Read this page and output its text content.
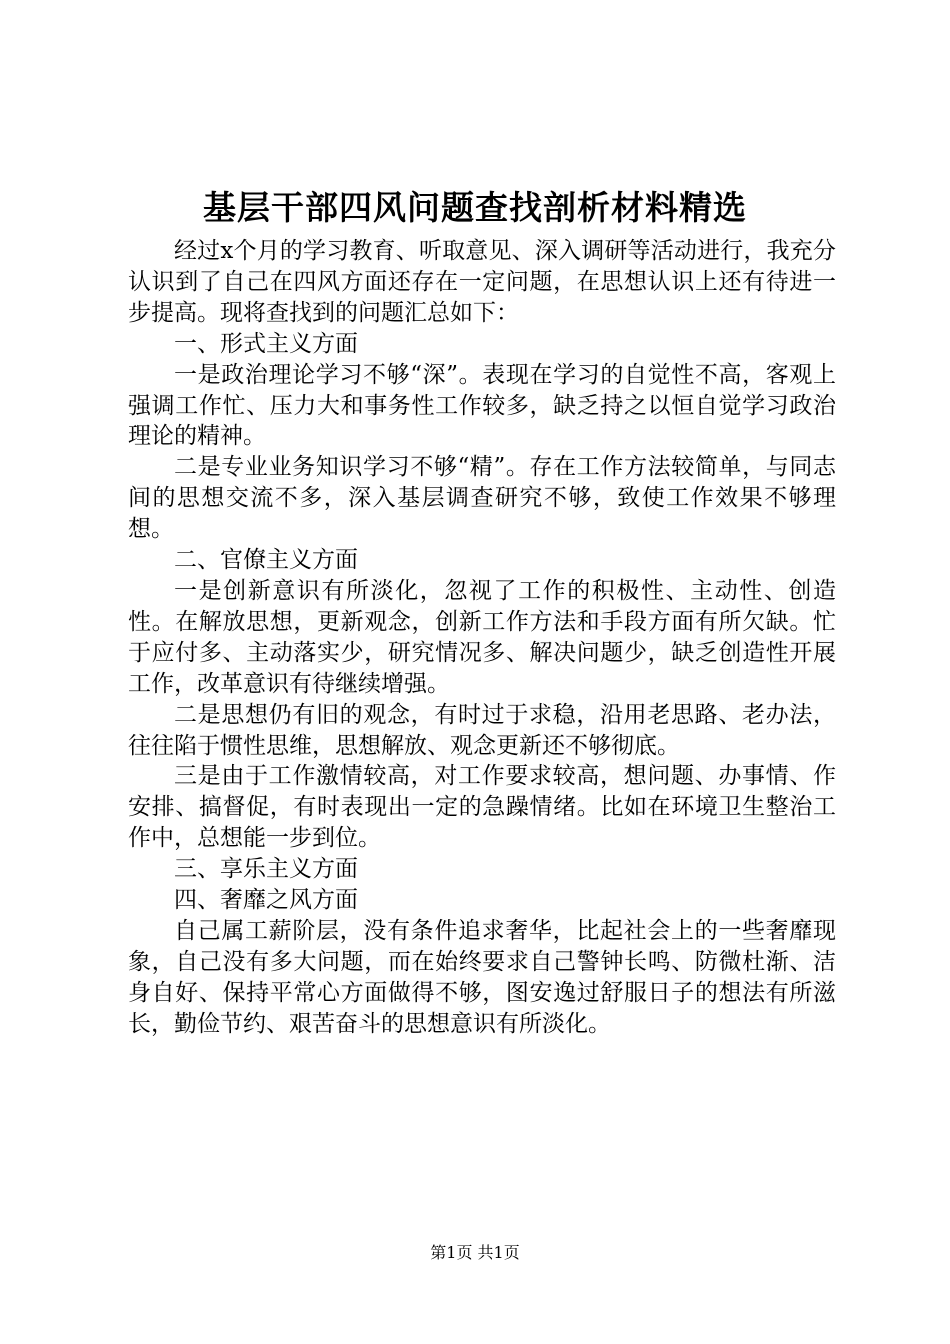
基层干部四风问题查找剖析材料精选

经过x个月的学习教育、听取意见、深入调研等活动进行，我充分认识到了自己在四风方面还存在一定问题，在思想认识上还有待进一步提高。现将查找到的问题汇总如下：

一、形式主义方面

一是政治理论学习不够“深”。表现在学习的自觉性不高，客观上强调工作忙、压力大和事务性工作较多，缺乏持之以恒自觉学习政治理论的精神。

二是专业业务知识学习不够“精”。存在工作方法较简单，与同志间的思想交流不多，深入基层调查研究不够，致使工作效果不够理想。

二、官僚主义方面

一是创新意识有所淡化，忽视了工作的积极性、主动性、创造性。在解放思想，更新观念，创新工作方法和手段方面有所欠缺。忙于应付多、主动落实少，研究情况多、解决问题少，缺乏创造性开展工作，改革意识有待继续增强。

二是思想仍有旧的观念，有时过于求稳，沿用老思路、老办法，往往陷于惯性思维，思想解放、观念更新还不够彻底。

三是由于工作激情较高，对工作要求较高，想问题、办事情、作安排、搞督促，有时表现出一定的急躁情绪。比如在环境卫生整治工作中，总想能一步到位。

三、享乐主义方面

四、奢靡之风方面

自己属工薪阶层，没有条件追求奢华，比起社会上的一些奢靡现象，自己没有多大问题，而在始终要求自己警钟长鸣、防微杜渐、洁身自好、保持平常心方面做得不够，图安逸过舒服日子的想法有所滋长，勤俭节约、艰苦奋斗的思想意识有所淡化。

第1页 共1页
